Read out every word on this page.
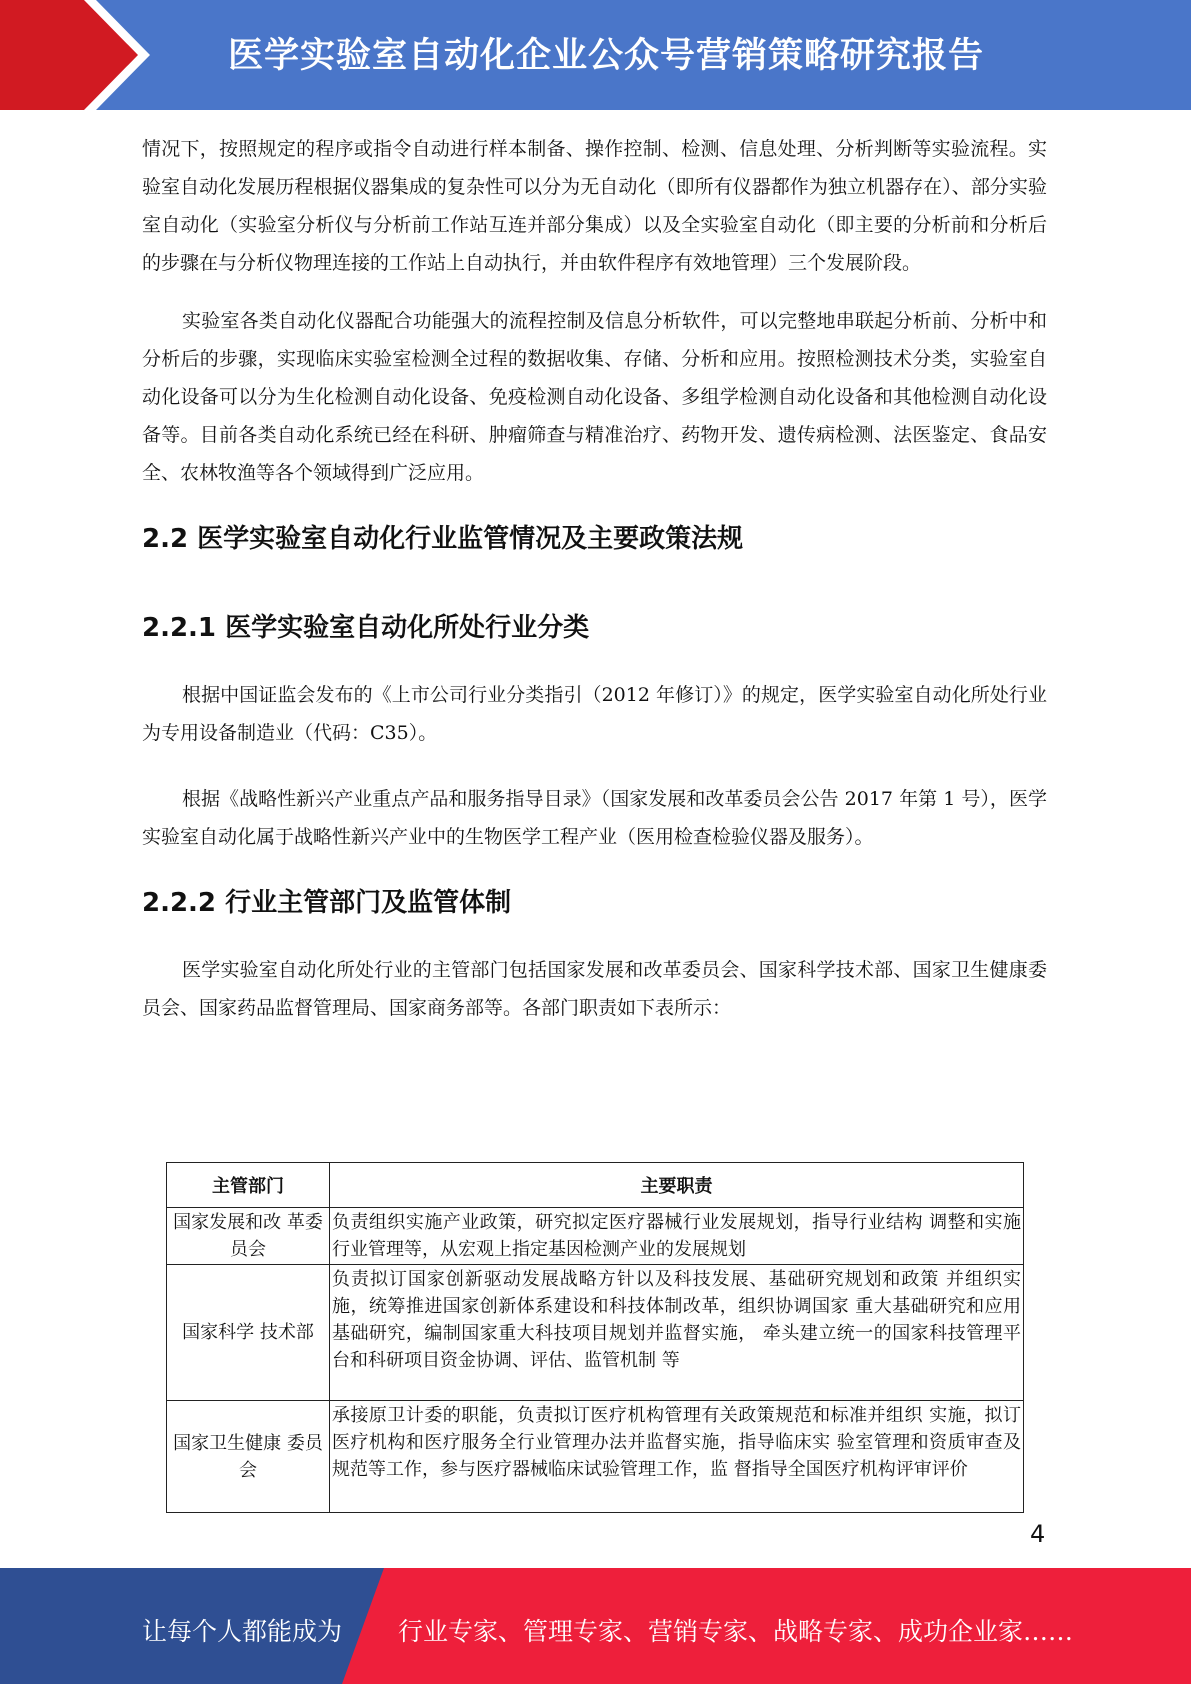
医学实验室自动化企业公众号营销策略研究报告

情况下，按照规定的程序或指令自动进行样本制备、操作控制、检测、信息处理、分析判断等实验流程。实验室自动化发展历程根据仪器集成的复杂性可以分为无自动化（即所有仪器都作为独立机器存在）、部分实验室自动化（实验室分析仪与分析前工作站互连并部分集成）以及全实验室自动化（即主要的分析前和分析后的步骤在与分析仪物理连接的工作站上自动执行，并由软件程序有效地管理）三个发展阶段。

实验室各类自动化仪器配合功能强大的流程控制及信息分析软件，可以完整地串联起分析前、分析中和分析后的步骤，实现临床实验室检测全过程的数据收集、存储、分析和应用。按照检测技术分类，实验室自动化设备可以分为生化检测自动化设备、免疫检测自动化设备、多组学检测自动化设备和其他检测自动化设备等。目前各类自动化系统已经在科研、肿瘤筛查与精准治疗、药物开发、遗传病检测、法医鉴定、食品安全、农林牧渔等各个领域得到广泛应用。

2.2 医学实验室自动化行业监管情况及主要政策法规
2.2.1 医学实验室自动化所处行业分类

根据中国证监会发布的《上市公司行业分类指引（2012 年修订）》的规定，医学实验室自动化所处行业为专用设备制造业（代码：C35）。

根据《战略性新兴产业重点产品和服务指导目录》（国家发展和改革委员会公告 2017 年第 1 号），医学实验室自动化属于战略性新兴产业中的生物医学工程产业（医用检查检验仪器及服务）。

2.2.2 行业主管部门及监管体制

医学实验室自动化所处行业的主管部门包括国家发展和改革委员会、国家科学技术部、国家卫生健康委员会、国家药品监督管理局、国家商务部等。各部门职责如下表所示：

主管部门	主要职责
国家发展和改 革委员会	负责组织实施产业政策，研究拟定医疗器械行业发展规划，指导行业结构 调整和实施行业管理等，从宏观上指定基因检测产业的发展规划
国家科学 技术部	负责拟订国家创新驱动发展战略方针以及科技发展、基础研究规划和政策 并组织实施，统筹推进国家创新体系建设和科技体制改革，组织协调国家 重大基础研究和应用基础研究，编制国家重大科技项目规划并监督实施， 牵头建立统一的国家科技管理平台和科研项目资金协调、评估、监管机制 等
国家卫生健康 委员会	承接原卫计委的职能，负责拟订医疗机构管理有关政策规范和标准并组织 实施，拟订医疗机构和医疗服务全行业管理办法并监督实施，指导临床实 验室管理和资质审查及规范等工作，参与医疗器械临床试验管理工作，监 督指导全国医疗机构评审评价
4
让每个人都能成为 行业专家、管理专家、营销专家、战略专家、成功企业家……
